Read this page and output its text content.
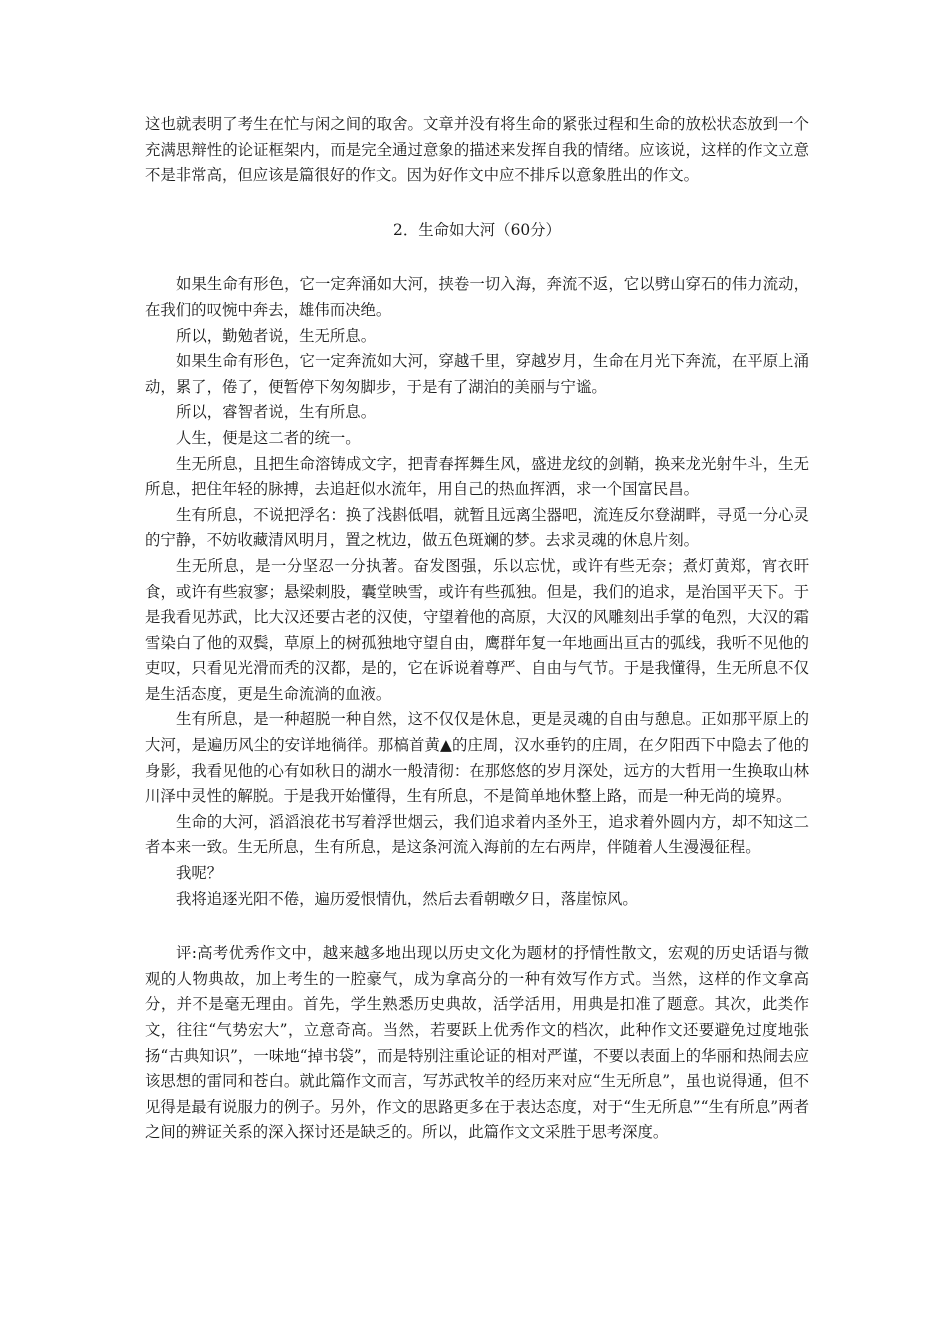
这也就表明了考生在忙与闲之间的取舍。文章并没有将生命的紧张过程和生命的放松状态放到一个充满思辩性的论证框架内，而是完全通过意象的描述来发挥自我的情绪。应该说，这样的作文立意不是非常高，但应该是篇很好的作文。因为好作文中应不排斥以意象胜出的作文。

2．生命如大河（60分）

如果生命有形色，它一定奔涌如大河，挟卷一切入海，奔流不返，它以劈山穿石的伟力流动，在我们的叹惋中奔去，雄伟而决绝。

所以，勤勉者说，生无所息。

如果生命有形色，它一定奔流如大河，穿越千里，穿越岁月，生命在月光下奔流，在平原上涌动，累了，倦了，便暂停下匆匆脚步，于是有了湖泊的美丽与宁谧。

所以，睿智者说，生有所息。

人生，便是这二者的统一。

生无所息，且把生命溶铸成文字，把青春挥舞生风，盛进龙纹的剑鞘，换来龙光射牛斗，生无所息，把住年轻的脉搏，去追赶似水流年，用自己的热血挥洒，求一个国富民昌。

生有所息，不说把浮名：换了浅斟低唱，就暂且远离尘器吧，流连反尔登湖畔，寻觅一分心灵的宁静，不妨收藏清风明月，置之枕边，做五色斑斓的梦。去求灵魂的休息片刻。

生无所息，是一分坚忍一分执著。奋发图强，乐以忘忧，或许有些无奈；煮灯黄郑，宵衣旰食，或许有些寂寥；悬梁刺股，囊堂映雪，或许有些孤独。但是，我们的追求，是治国平天下。于是我看见苏武，比大汉还要古老的汉使，守望着他的高原，大汉的风雕刻出手掌的龟烈，大汉的霜雪染白了他的双鬓，草原上的树孤独地守望自由，鹰群年复一年地画出亘古的弧线，我听不见他的吏叹，只看见光滑而秃的汉都，是的，它在诉说着尊严、自由与气节。于是我懂得，生无所息不仅是生活态度，更是生命流淌的血液。

生有所息，是一种超脱一种自然，这不仅仅是休息，更是灵魂的自由与憩息。正如那平原上的大河，是遍历风尘的安详地徜徉。那槁首黄▲的庄周，汉水垂钓的庄周，在夕阳西下中隐去了他的身影，我看见他的心有如秋日的湖水一般清彻：在那悠悠的岁月深处，远方的大哲用一生换取山林川泽中灵性的解脱。于是我开始懂得，生有所息，不是简单地休整上路，而是一种无尚的境界。

生命的大河，滔滔浪花书写着浮世烟云，我们追求着内圣外王，追求着外圆内方，却不知这二者本来一致。生无所息，生有所息，是这条河流入海前的左右两岸，伴随着人生漫漫征程。

我呢？

我将追逐光阳不倦，遍历爱恨情仇，然后去看朝暾夕日，落崖惊风。

评:高考优秀作文中，越来越多地出现以历史文化为题材的抒情性散文，宏观的历史话语与微观的人物典故，加上考生的一腔豪气，成为拿高分的一种有效写作方式。当然，这样的作文拿高分，并不是毫无理由。首先，学生熟悉历史典故，活学活用，用典是扣准了题意。其次，此类作文，往往“气势宏大”，立意奇高。当然，若要跃上优秀作文的档次，此种作文还要避免过度地张扬“古典知识”，一味地“掉书袋”，而是特别注重论证的相对严谨，不要以表面上的华丽和热闹去应该思想的雷同和苍白。就此篇作文而言，写苏武牧羊的经历来对应“生无所息”，虽也说得通，但不见得是最有说服力的例子。另外，作文的思路更多在于表达态度，对于“生无所息”“生有所息”两者之间的辨证关系的深入探讨还是缺乏的。所以，此篇作文文采胜于思考深度。
